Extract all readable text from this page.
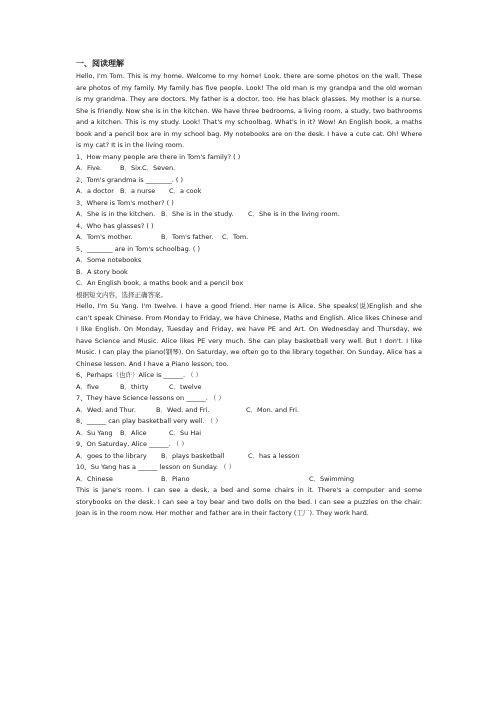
一、阅读理解

Hello, I'm Tom. This is my home. Welcome to my home! Look, there are some photos on the wall. These are photos of my family. My family has five people. Look! The old man is my grandpa and the old woman is my grandma. They are doctors. My father is a doctor, too. He has black glasses. My mother is a nurse. She is friendly. Now she is in the kitchen. We have three bedrooms, a living room, a study, two bathrooms and a kitchen. This is my study. Look! That's my schoolbag. What's in it? Wow! An English book, a maths book and a pencil box are in my school bag. My notebooks are on the desk. I have a cute cat. Oh! Where is my cat? It is in the living room.

1、How many people are there in Tom's family? ( )
A．Five.	B．Six. C．Seven.
2、Tom's grandma is ________. ( )
A．a doctor B．a nurse	C．a cook
3、Where is Tom's mother? ( )
A．She is in the kitchen. B．She is in the study.	C．She is in the living room.
4、Who has glasses? ( )
A．Tom's mother.	B．Tom's father.	C．Tom.
5、________ are in Tom's schoolbag. ( )
A．Some notebooks
B．A story book
C．An English book, a maths book and a pencil box
根据短文内容，选择正确答案。

Hello, I'm Su Yang. I'm twelve. I have a good friend. Her name is Alice. She speaks(说)English and she can't speak Chinese. From Monday to Friday, we have Chinese, Maths and English. Alice likes Chinese and I like English. On Monday, Tuesday and Friday, we have PE and Art. On Wednesday and Thursday, we have Science and Music. Alice likes PE very much. She can play basketball very well. But I don't. I like Music. I can play the piano(钢琴). On Saturday, we often go to the library together. On Sunday, Alice has a Chinese lesson. And I have a Piano lesson, too.

6、Perhaps（也许）Alice is ______. （ ）
A．five	B．thirty	C．twelve
7、They have Science lessons on ______. （ ）
A．Wed. and Thur.	B．Wed. and Fri.	C．Mon. and Fri.
8、______ can play basketball very well. （ ）
A．Su Yang	B．Alice	C．Su Hai
9、On Saturday, Alice ______. （ ）
A．goes to the library	B．plays basketball	C．has a lesson
10、Su Yang has a ______ lesson on Sunday. （ ）
A．Chinese	B．Piano	C．Swimming

This is Jane's room. I can see a desk, a bed and some chairs in it. There's a computer and some storybooks on the desk. I can see a toy bear and two dolls on the bed. I can see a puzzles on the chair. Joan is in the room now. Her mother and father are in their factory (工厂). They work hard.
